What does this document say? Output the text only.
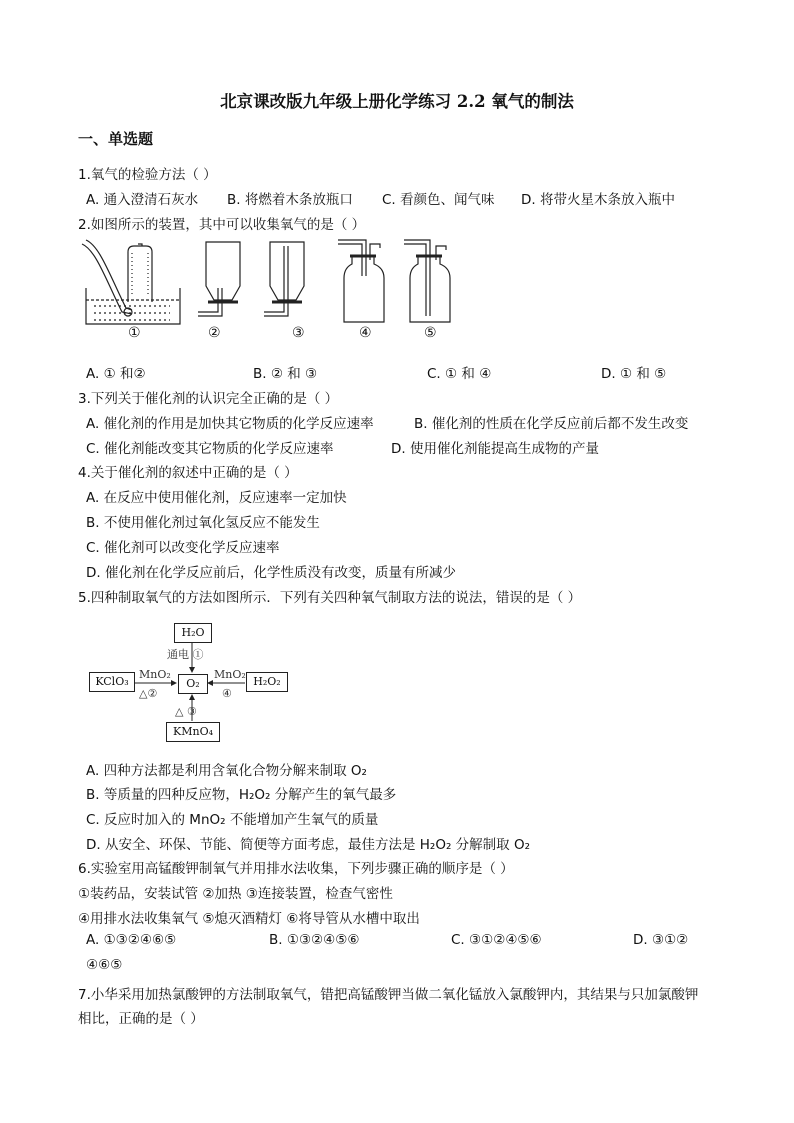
北京课改版九年级上册化学练习 2.2 氧气的制法
一、单选题
1.氧气的检验方法（ ）
A. 通入澄清石灰水 B. 将燃着木条放瓶口 C. 看颜色、闻气味 D. 将带火星木条放入瓶中
2.如图所示的装置，其中可以收集氧气的是（ ）
①	②	③	④	⑤
A. ① 和②	B. ② 和 ③	C. ① 和 ④	D. ① 和 ⑤
3.下列关于催化剂的认识完全正确的是（ ）
A. 催化剂的作用是加快其它物质的化学反应速率	B. 催化剂的性质在化学反应前后都不发生改变
C. 催化剂能改变其它物质的化学反应速率	D. 使用催化剂能提高生成物的产量
4.关于催化剂的叙述中正确的是（ ）
A. 在反应中使用催化剂，反应速率一定加快
B. 不使用催化剂过氧化氢反应不能发生
C. 催化剂可以改变化学反应速率
D. 催化剂在化学反应前后，化学性质没有改变，质量有所减少
5.四种制取氧气的方法如图所示．下列有关四种氧气制取方法的说法，错误的是（ ）
H₂O
KClO₃	O₂	H₂O₂
KMnO₄
通电 ①
MnO₂
△②
MnO₂
④
△ ③
A. 四种方法都是利用含氧化合物分解来制取 O₂
B. 等质量的四种反应物，H₂O₂ 分解产生的氧气最多
C. 反应时加入的 MnO₂ 不能增加产生氧气的质量
D. 从安全、环保、节能、简便等方面考虑，最佳方法是 H₂O₂ 分解制取 O₂
6.实验室用高锰酸钾制氧气并用排水法收集，下列步骤正确的顺序是（ ）
①装药品，安装试管 ②加热 ③连接装置，检查气密性
④用排水法收集氧气 ⑤熄灭酒精灯 ⑥将导管从水槽中取出
A. ①③②④⑥⑤	B. ①③②④⑤⑥	C. ③①②④⑤⑥	D. ③①②
④⑥⑤
7.小华采用加热氯酸钾的方法制取氧气，错把高锰酸钾当做二氧化锰放入氯酸钾内，其结果与只加氯酸钾
相比，正确的是（ ）
